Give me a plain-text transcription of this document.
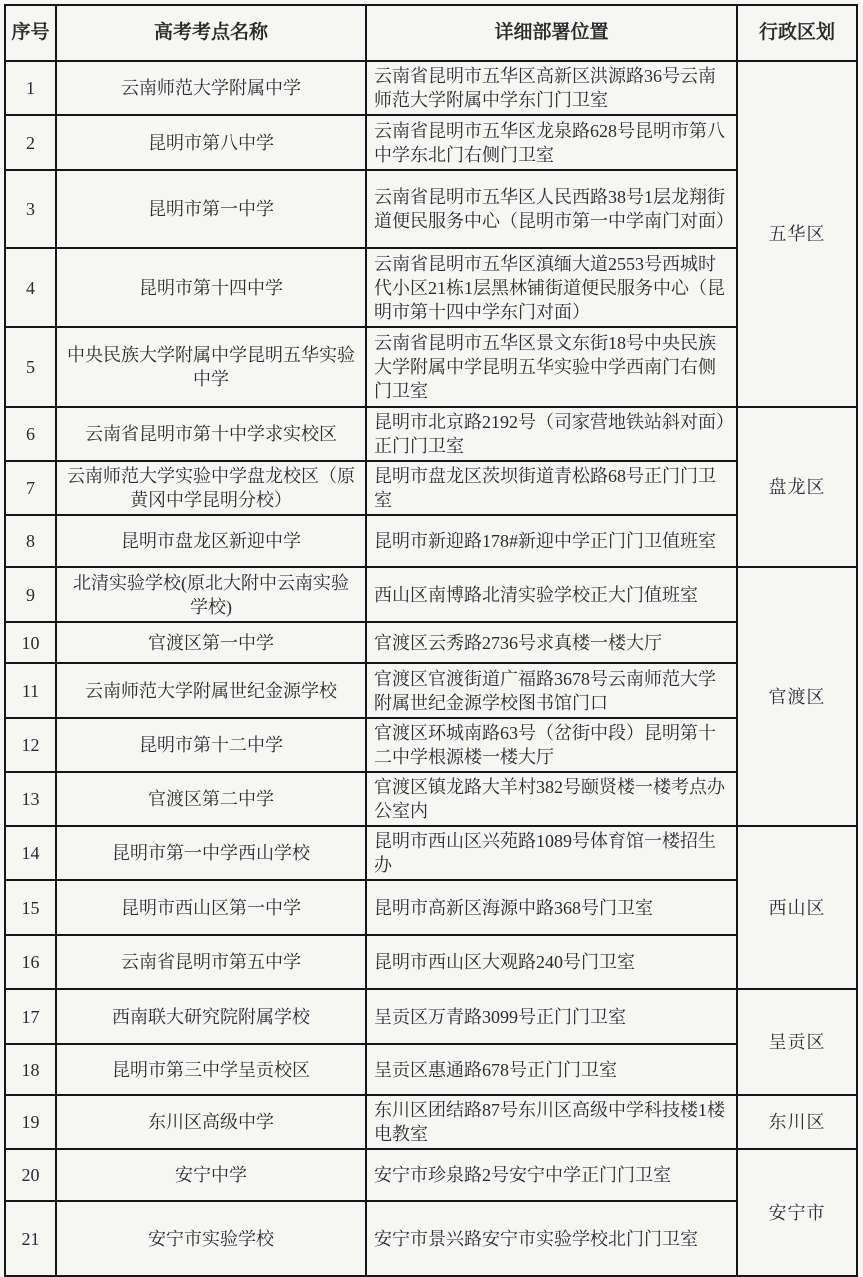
序号	高考考点名称	详细部署位置	行政区划
1	云南师范大学附属中学	云南省昆明市五华区高新区洪源路36号云南师范大学附属中学东门门卫室	五华区
2	昆明市第八中学	云南省昆明市五华区龙泉路628号昆明市第八中学东北门右侧门卫室	
3	昆明市第一中学	云南省昆明市五华区人民西路38号1层龙翔街道便民服务中心（昆明市第一中学南门对面）	
4	昆明市第十四中学	云南省昆明市五华区滇缅大道2553号西城时代小区21栋1层黑林铺街道便民服务中心（昆明市第十四中学东门对面）	
5	中央民族大学附属中学昆明五华实验中学	云南省昆明市五华区景文东街18号中央民族大学附属中学昆明五华实验中学西南门右侧门卫室	
6	云南省昆明市第十中学求实校区	昆明市北京路2192号（司家营地铁站斜对面）正门门卫室	盘龙区
7	云南师范大学实验中学盘龙校区（原黄冈中学昆明分校）	昆明市盘龙区茨坝街道青松路68号正门门卫室	
8	昆明市盘龙区新迎中学	昆明市新迎路178#新迎中学正门门卫值班室	
9	北清实验学校(原北大附中云南实验学校)	西山区南博路北清实验学校正大门值班室	官渡区
10	官渡区第一中学	官渡区云秀路2736号求真楼一楼大厅	
11	云南师范大学附属世纪金源学校	官渡区官渡街道广福路3678号云南师范大学附属世纪金源学校图书馆门口	
12	昆明市第十二中学	官渡区环城南路63号（岔街中段）昆明第十二中学根源楼一楼大厅	
13	官渡区第二中学	官渡区镇龙路大羊村382号颐贤楼一楼考点办公室内	
14	昆明市第一中学西山学校	昆明市西山区兴苑路1089号体育馆一楼招生办	西山区
15	昆明市西山区第一中学	昆明市高新区海源中路368号门卫室	
16	云南省昆明市第五中学	昆明市西山区大观路240号门卫室	
17	西南联大研究院附属学校	呈贡区万青路3099号正门门卫室	呈贡区
18	昆明市第三中学呈贡校区	呈贡区惠通路678号正门门卫室	
19	东川区高级中学	东川区团结路87号东川区高级中学科技楼1楼电教室	东川区
20	安宁中学	安宁市珍泉路2号安宁中学正门门卫室	安宁市
21	安宁市实验学校	安宁市景兴路安宁市实验学校北门门卫室	
